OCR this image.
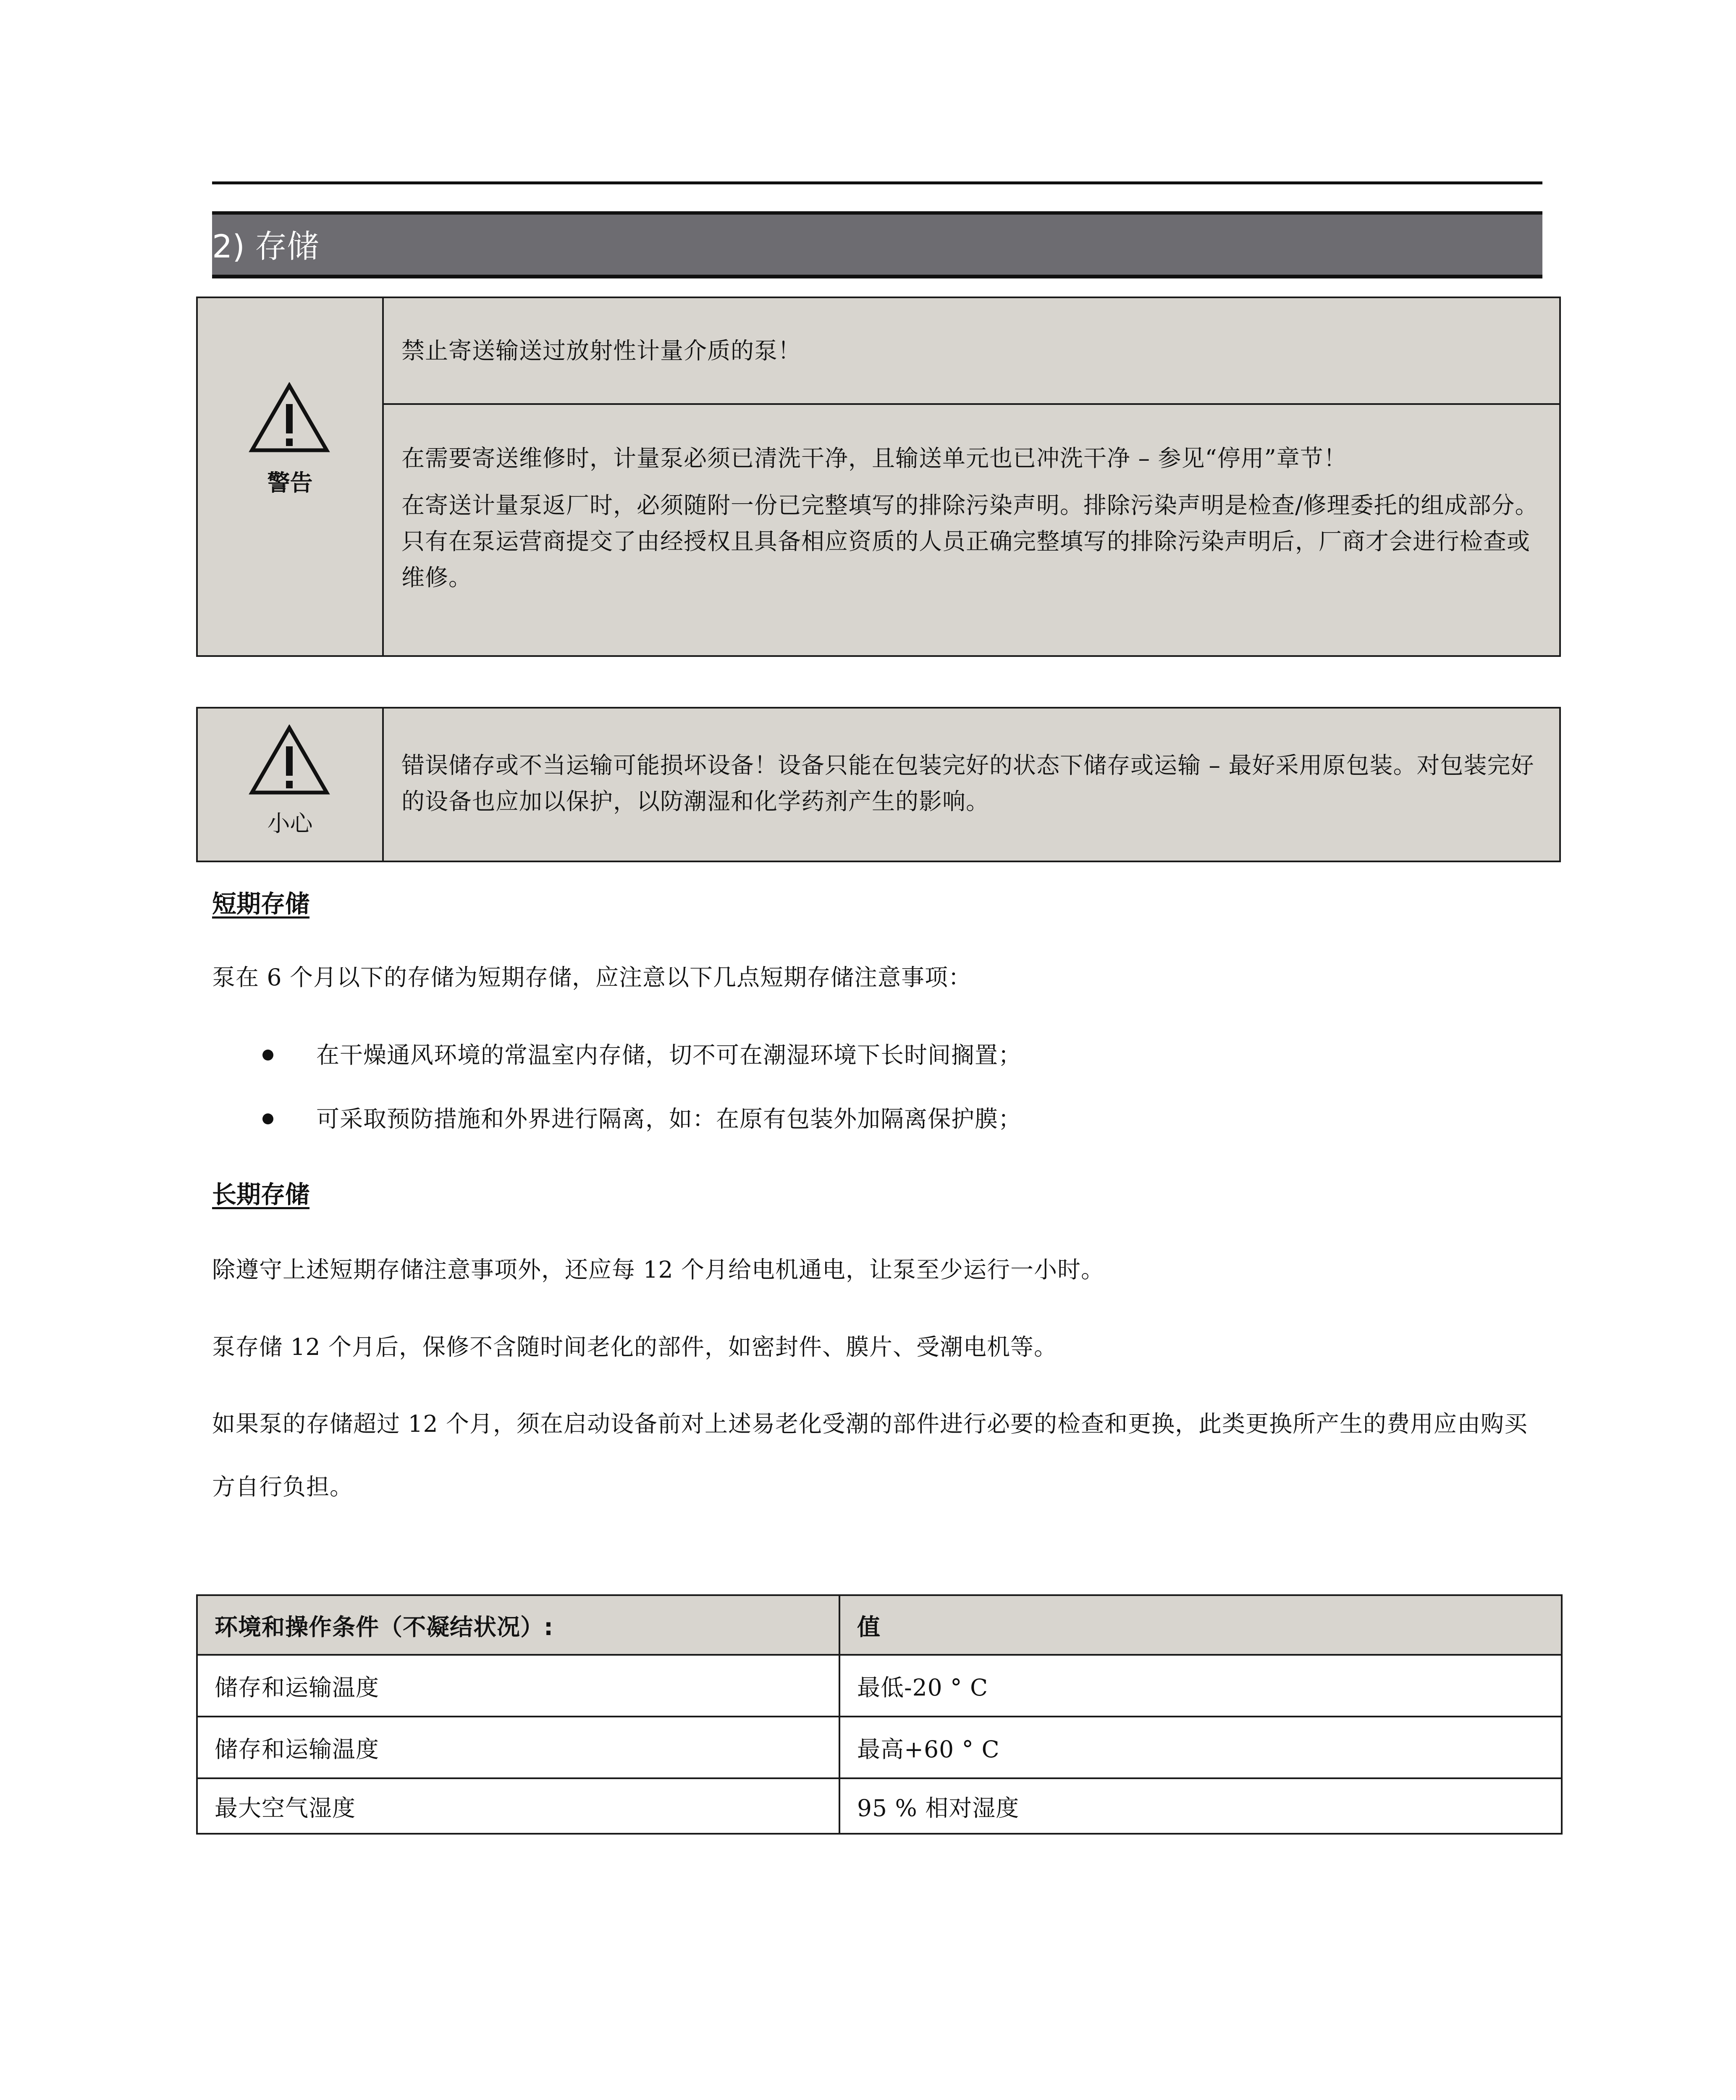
2) 存储
警告
禁止寄送输送过放射性计量介质的泵！
在需要寄送维修时，计量泵必须已清洗干净，且输送单元也已冲洗干净 – 参见“停用”章节！
在寄送计量泵返厂时，必须随附一份已完整填写的排除污染声明。排除污染声明是检查/修理委托的组成部分。只有在泵运营商提交了由经授权且具备相应资质的人员正确完整填写的排除污染声明后，厂商才会进行检查或维修。
小心
错误储存或不当运输可能损坏设备！设备只能在包装完好的状态下储存或运输 – 最好采用原包装。对包装完好的设备也应加以保护，以防潮湿和化学药剂产生的影响。
短期存储
泵在 6 个月以下的存储为短期存储，应注意以下几点短期存储注意事项：
在干燥通风环境的常温室内存储，切不可在潮湿环境下长时间搁置；
可采取预防措施和外界进行隔离，如：在原有包装外加隔离保护膜；
长期存储
除遵守上述短期存储注意事项外，还应每 12 个月给电机通电，让泵至少运行一小时。
泵存储 12 个月后，保修不含随时间老化的部件，如密封件、膜片、受潮电机等。
如果泵的存储超过 12 个月，须在启动设备前对上述易老化受潮的部件进行必要的检查和更换，此类更换所产生的费用应由购买方自行负担。
环境和操作条件（不凝结状况）:	值
储存和运输温度	最低-20 ° C
储存和运输温度	最高+60 ° C
最大空气湿度	95 % 相对湿度
